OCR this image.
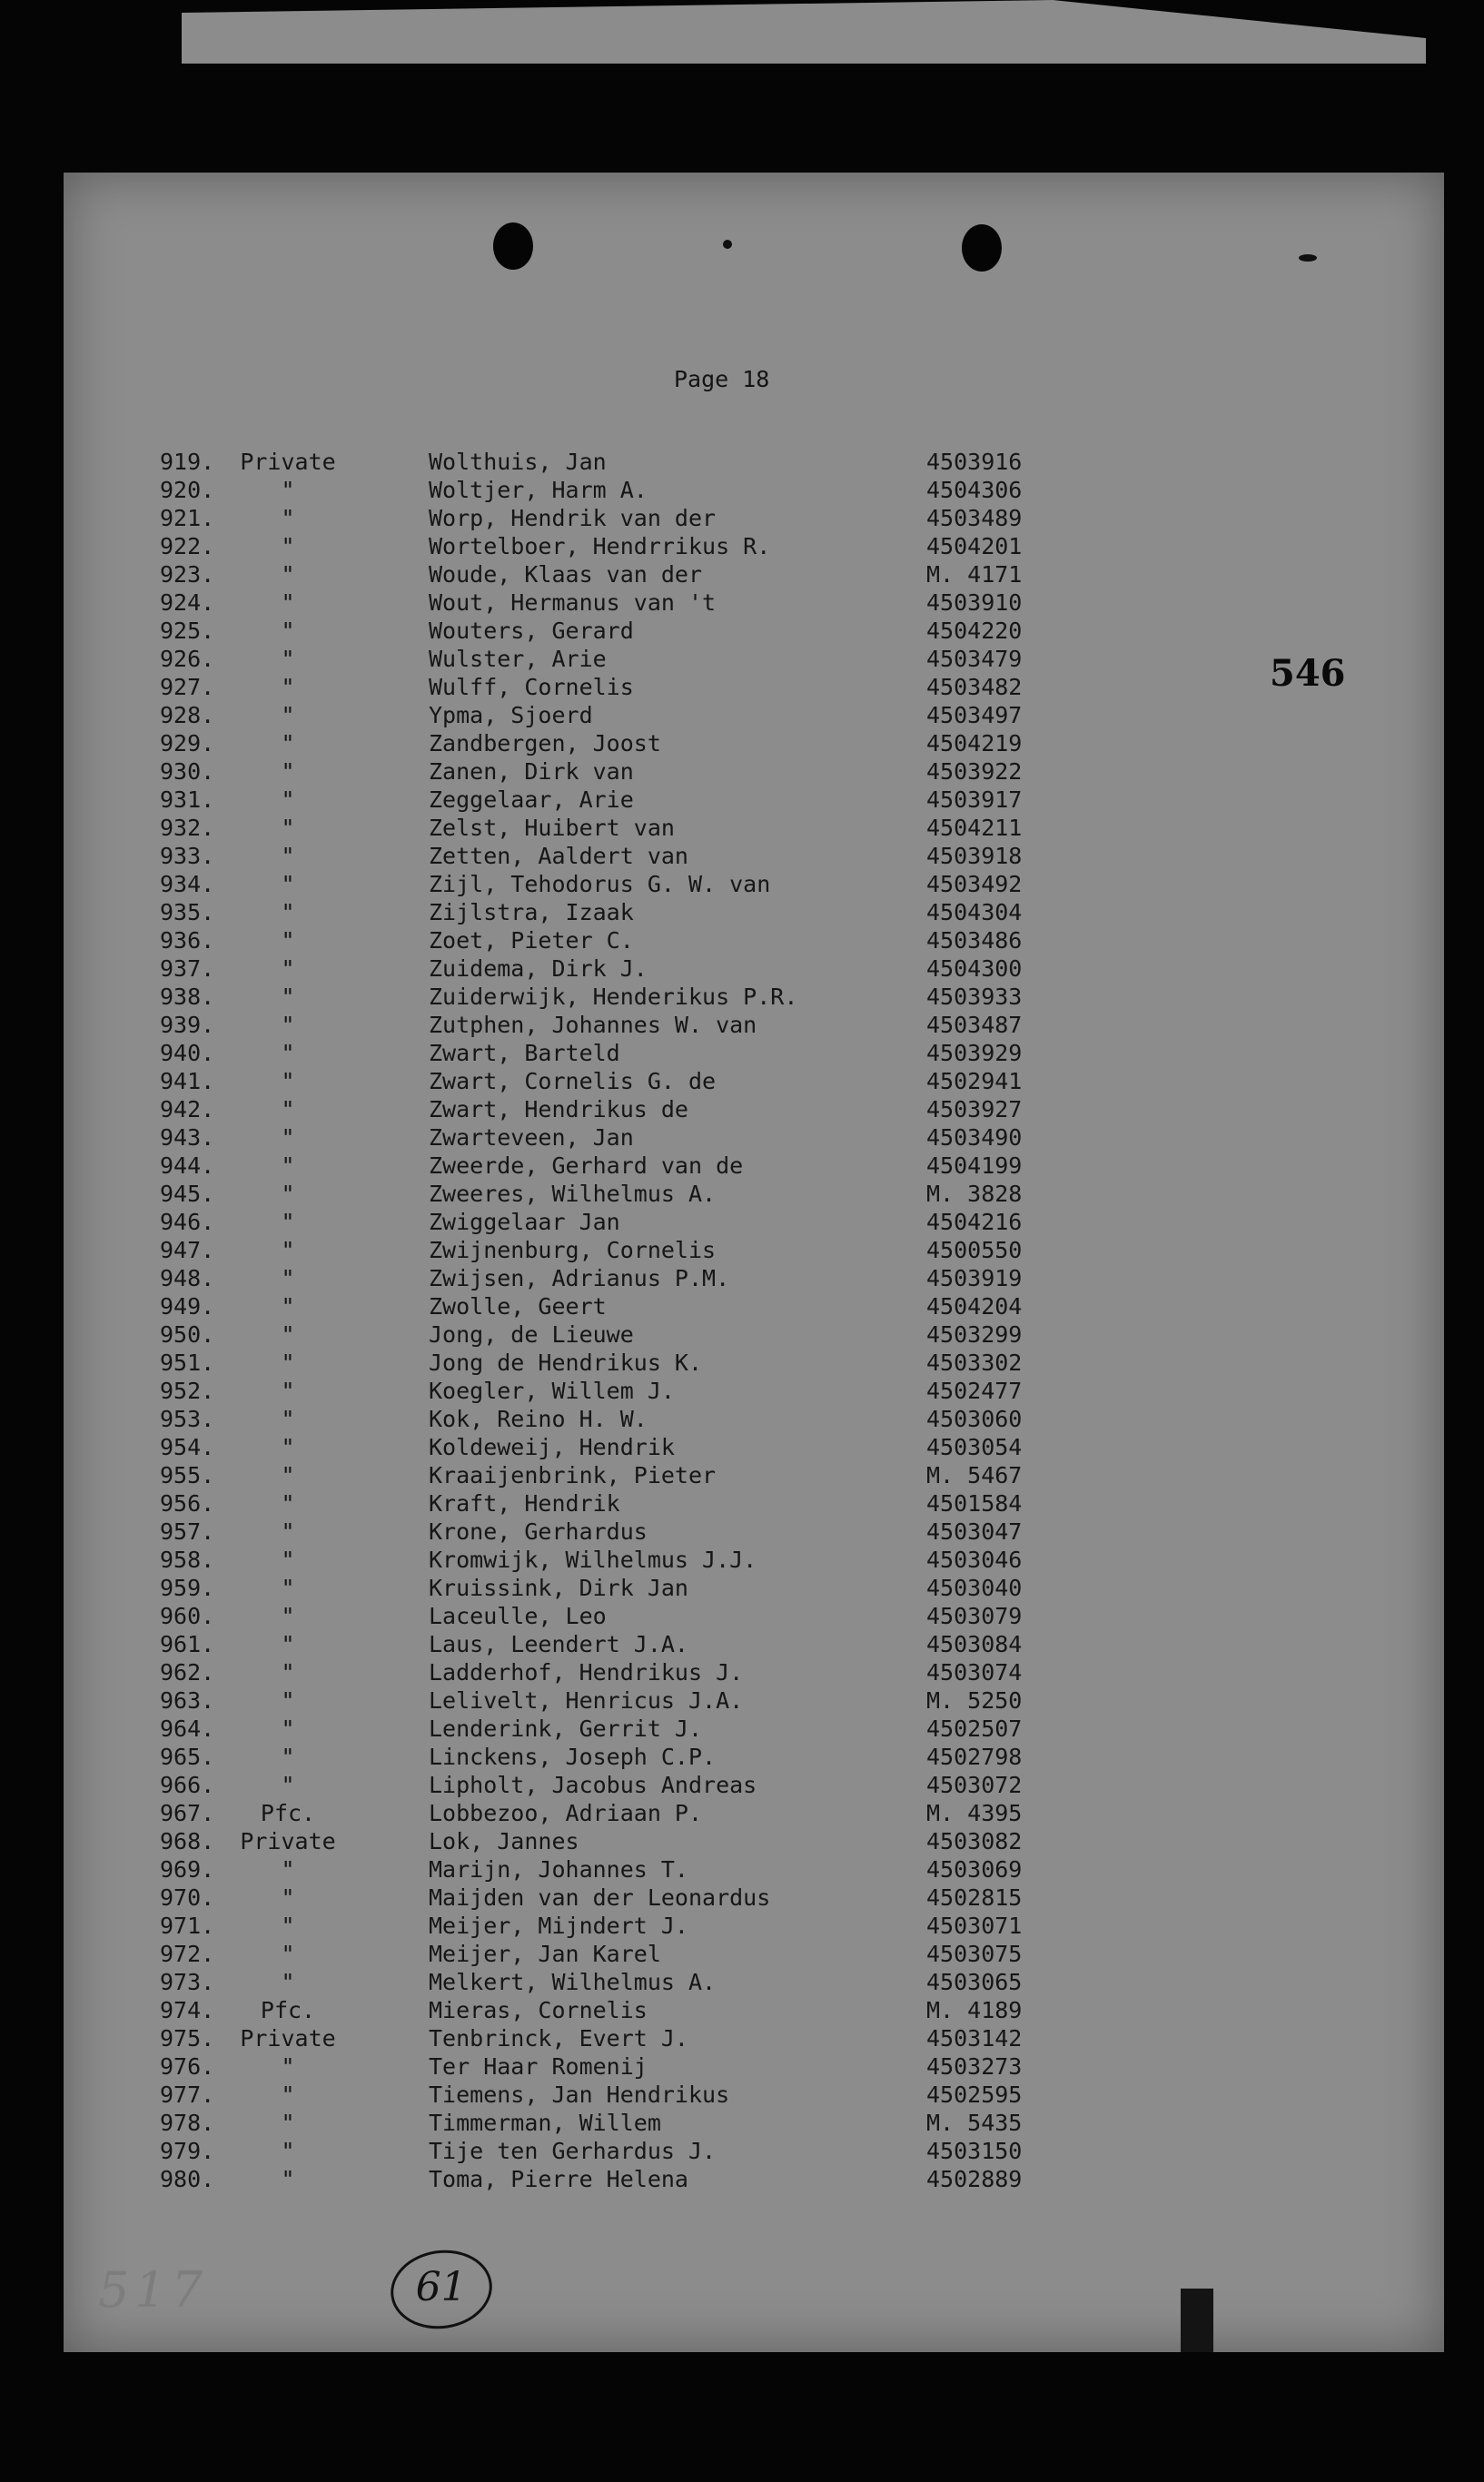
Page 18
546
919.	Private	Wolthuis, Jan	4503916
920.	"	Woltjer, Harm A.	4504306
921.	"	Worp, Hendrik van der	4503489
922.	"	Wortelboer, Hendrrikus R.	4504201
923.	"	Woude, Klaas van der	M. 4171
924.	"	Wout, Hermanus van 't	4503910
925.	"	Wouters, Gerard	4504220
926.	"	Wulster, Arie	4503479
927.	"	Wulff, Cornelis	4503482
928.	"	Ypma, Sjoerd	4503497
929.	"	Zandbergen, Joost	4504219
930.	"	Zanen, Dirk van	4503922
931.	"	Zeggelaar, Arie	4503917
932.	"	Zelst, Huibert van	4504211
933.	"	Zetten, Aaldert van	4503918
934.	"	Zijl, Tehodorus G. W. van	4503492
935.	"	Zijlstra, Izaak	4504304
936.	"	Zoet, Pieter C.	4503486
937.	"	Zuidema, Dirk J.	4504300
938.	"	Zuiderwijk, Henderikus P.R.	4503933
939.	"	Zutphen, Johannes W. van	4503487
940.	"	Zwart, Barteld	4503929
941.	"	Zwart, Cornelis G. de	4502941
942.	"	Zwart, Hendrikus de	4503927
943.	"	Zwarteveen, Jan	4503490
944.	"	Zweerde, Gerhard van de	4504199
945.	"	Zweeres, Wilhelmus A.	M. 3828
946.	"	Zwiggelaar Jan	4504216
947.	"	Zwijnenburg, Cornelis	4500550
948.	"	Zwijsen, Adrianus P.M.	4503919
949.	"	Zwolle, Geert	4504204
950.	"	Jong, de Lieuwe	4503299
951.	"	Jong de Hendrikus K.	4503302
952.	"	Koegler, Willem J.	4502477
953.	"	Kok, Reino H. W.	4503060
954.	"	Koldeweij, Hendrik	4503054
955.	"	Kraaijenbrink, Pieter	M. 5467
956.	"	Kraft, Hendrik	4501584
957.	"	Krone, Gerhardus	4503047
958.	"	Kromwijk, Wilhelmus J.J.	4503046
959.	"	Kruissink, Dirk Jan	4503040
960.	"	Laceulle, Leo	4503079
961.	"	Laus, Leendert J.A.	4503084
962.	"	Ladderhof, Hendrikus J.	4503074
963.	"	Lelivelt, Henricus J.A.	M. 5250
964.	"	Lenderink, Gerrit J.	4502507
965.	"	Linckens, Joseph C.P.	4502798
966.	"	Lipholt, Jacobus Andreas	4503072
967.	Pfc.	Lobbezoo, Adriaan P.	M. 4395
968.	Private	Lok, Jannes	4503082
969.	"	Marijn, Johannes T.	4503069
970.	"	Maijden van der Leonardus	4502815
971.	"	Meijer, Mijndert J.	4503071
972.	"	Meijer, Jan Karel	4503075
973.	"	Melkert, Wilhelmus A.	4503065
974.	Pfc.	Mieras, Cornelis	M. 4189
975.	Private	Tenbrinck, Evert J.	4503142
976.	"	Ter Haar Romenij	4503273
977.	"	Tiemens, Jan Hendrikus	4502595
978.	"	Timmerman, Willem	M. 5435
979.	"	Tije ten Gerhardus J.	4503150
980.	"	Toma, Pierre Helena	4502889
517	61
